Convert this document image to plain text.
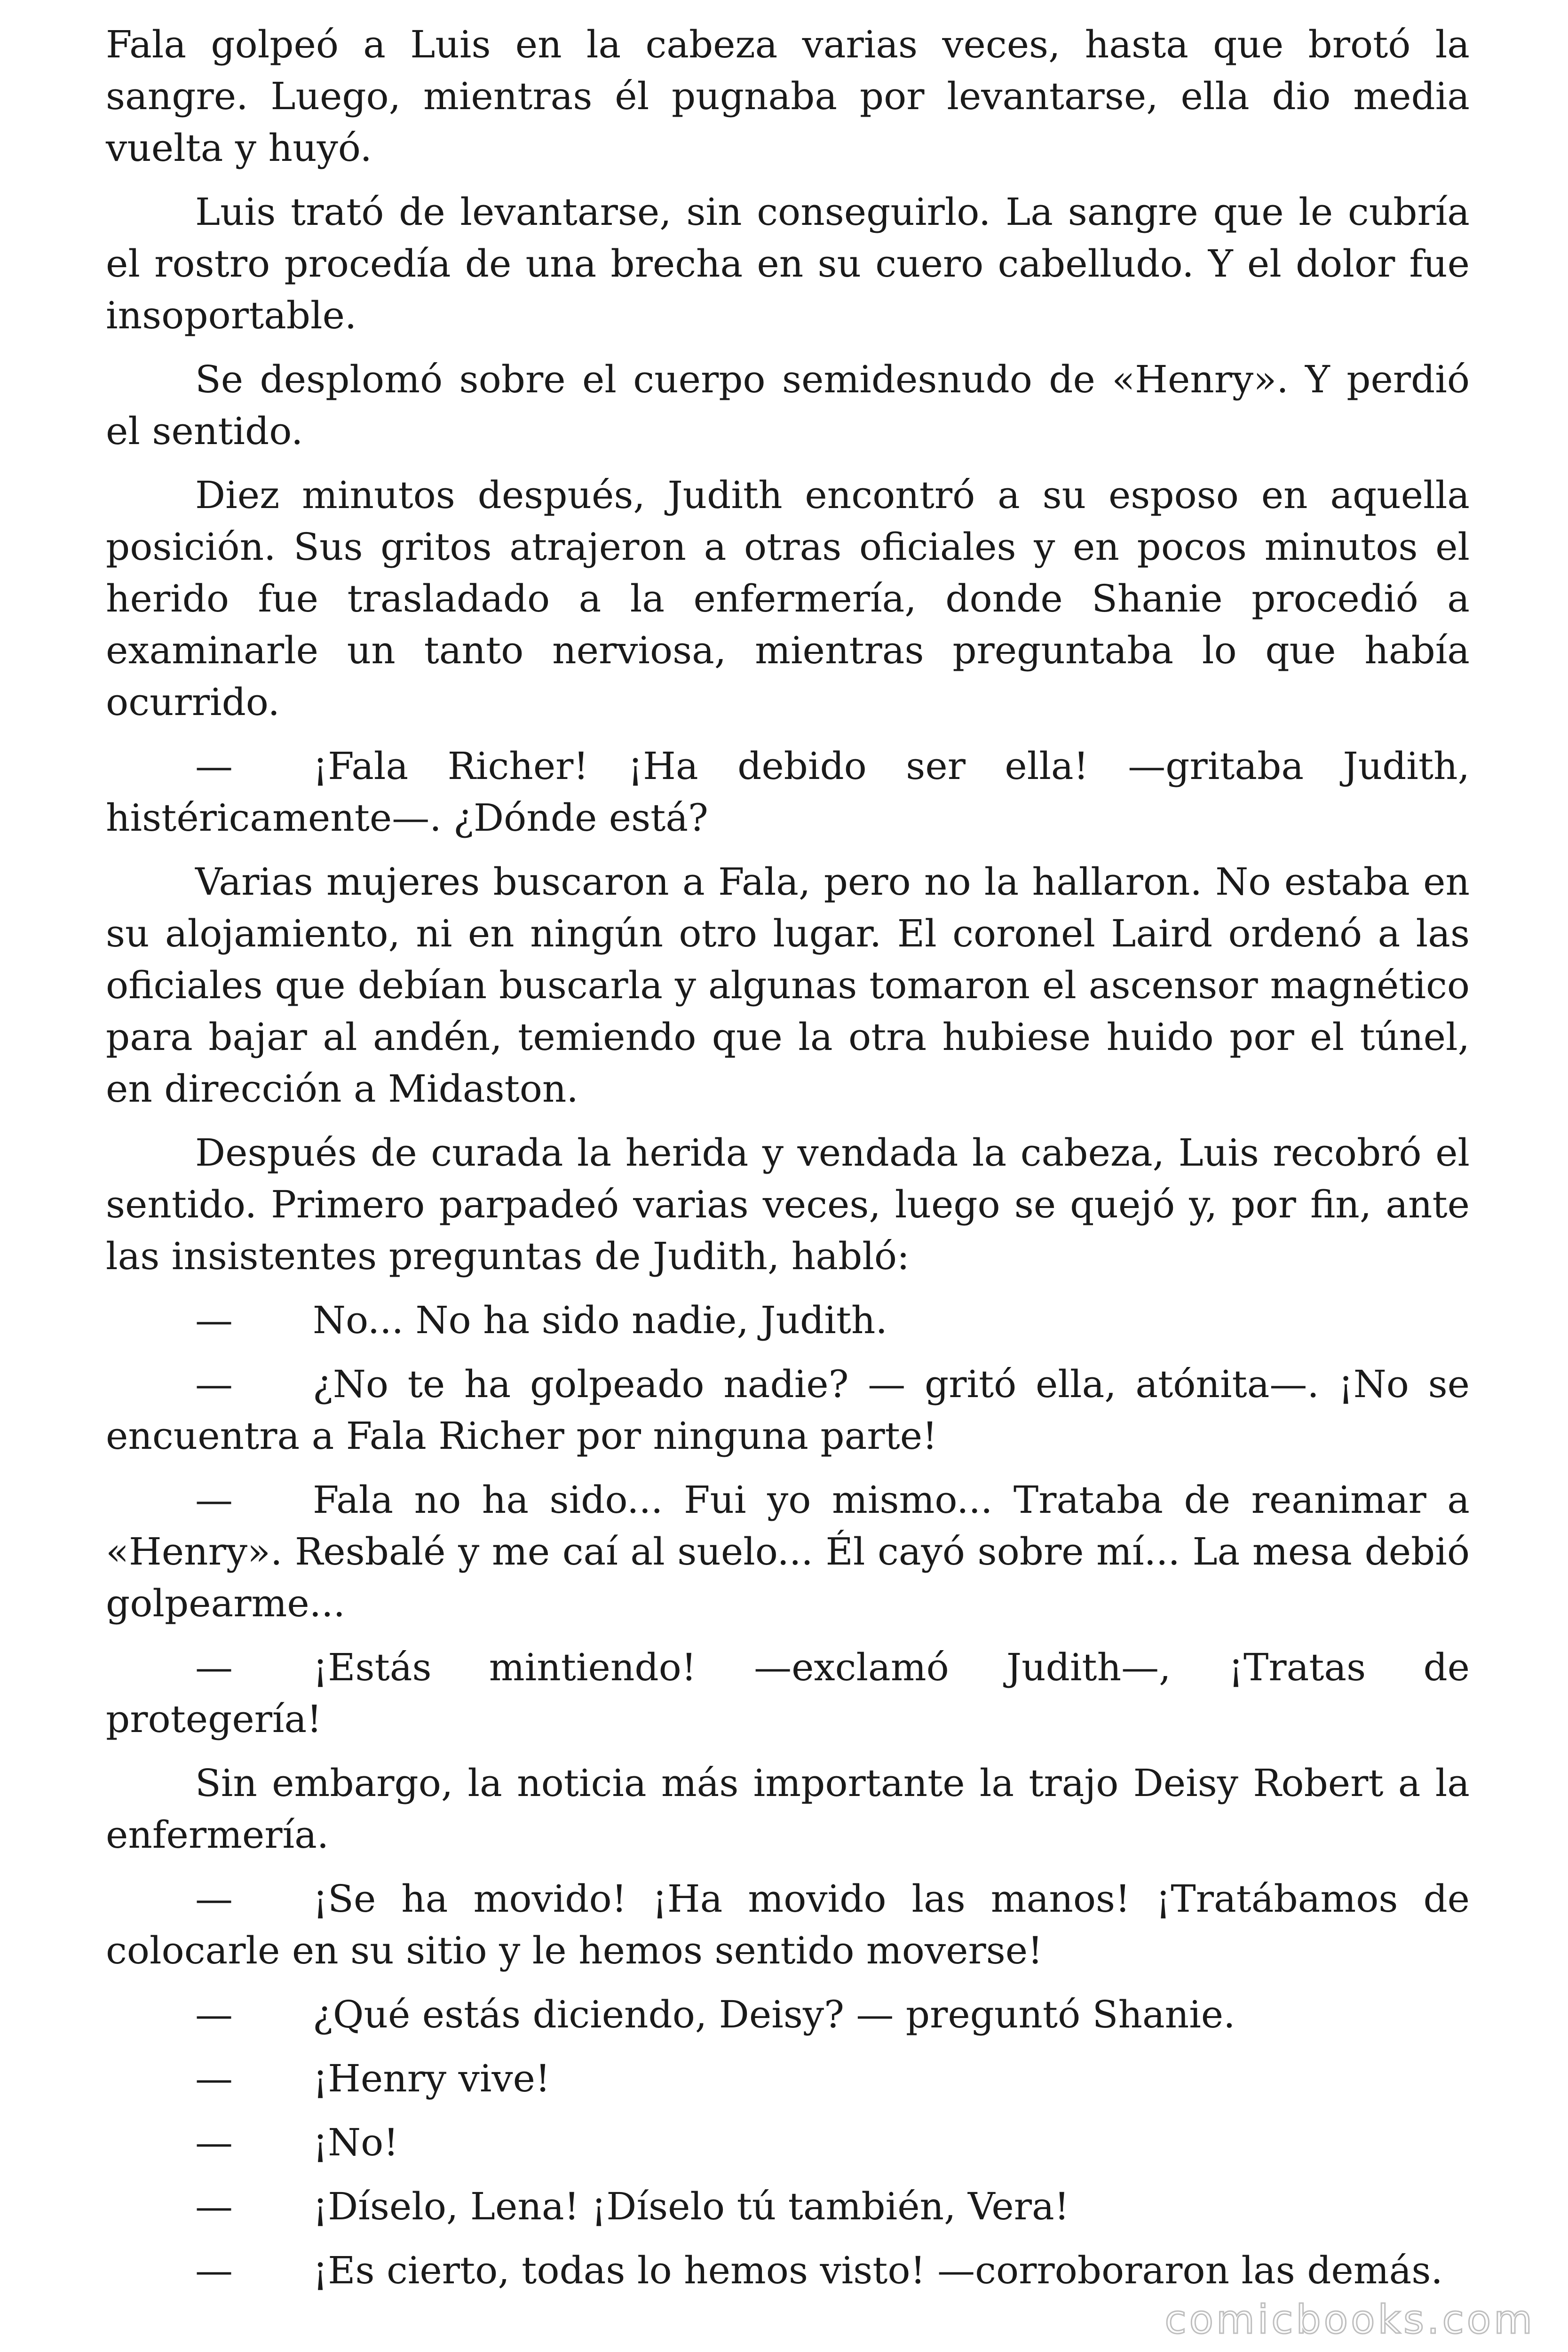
Fala golpeó a Luis en la cabeza varias veces, hasta que brotó la sangre. Luego, mientras él pugnaba por levantarse, ella dio media vuelta y huyó.

Luis trató de levantarse, sin conseguirlo. La sangre que le cubría el rostro procedía de una brecha en su cuero cabelludo. Y el dolor fue insoportable.

Se desplomó sobre el cuerpo semidesnudo de «Henry». Y perdió el sentido.

Diez minutos después, Judith encontró a su esposo en aquella posición. Sus gritos atrajeron a otras oficiales y en pocos minutos el herido fue trasladado a la enfermería, donde Shanie procedió a examinarle un tanto nerviosa, mientras preguntaba lo que había ocurrido.

— ¡Fala Richer! ¡Ha debido ser ella! —gritaba Judith, histéricamente—. ¿Dónde está?

Varias mujeres buscaron a Fala, pero no la hallaron. No estaba en su alojamiento, ni en ningún otro lugar. El coronel Laird ordenó a las oficiales que debían buscarla y algunas tomaron el ascensor magnético para bajar al andén, temiendo que la otra hubiese huido por el túnel, en dirección a Midaston.

Después de curada la herida y vendada la cabeza, Luis recobró el sentido. Primero parpadeó varias veces, luego se quejó y, por fin, ante las insistentes preguntas de Judith, habló:

— No... No ha sido nadie, Judith.

— ¿No te ha golpeado nadie? — gritó ella, atónita—. ¡No se encuentra a Fala Richer por ninguna parte!

— Fala no ha sido... Fui yo mismo... Trataba de reanimar a «Henry». Resbalé y me caí al suelo... Él cayó sobre mí... La mesa debió golpearme...

— ¡Estás mintiendo! —exclamó Judith—, ¡Tratas de protegería!

Sin embargo, la noticia más importante la trajo Deisy Robert a la enfermería.

— ¡Se ha movido! ¡Ha movido las manos! ¡Tratábamos de colocarle en su sitio y le hemos sentido moverse!

— ¿Qué estás diciendo, Deisy? — preguntó Shanie.

— ¡Henry vive!

— ¡No!

— ¡Díselo, Lena! ¡Díselo tú también, Vera!

— ¡Es cierto, todas lo hemos visto! —corroboraron las demás.

comicbooks.com
